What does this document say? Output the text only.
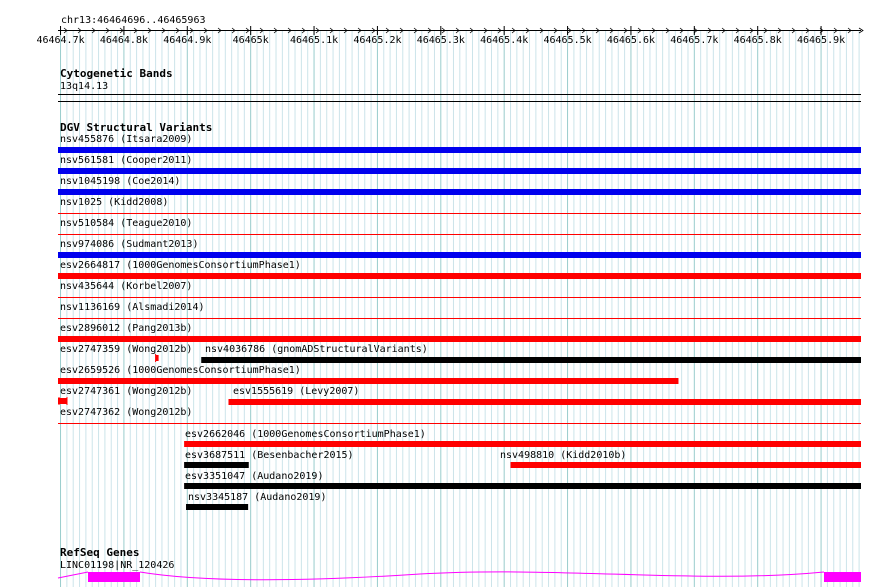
chr13:46464696..46465963
46464.7k 46464.8k 46464.9k 46465k 46465.1k 46465.2k 46465.3k 46465.4k 46465.5k 46465.6k 46465.7k 46465.8k 46465.9k
Cytogenetic Bands
13q14.13
DGV Structural Variants
nsv455876 (Itsara2009)
nsv561581 (Cooper2011)
nsv1045198 (Coe2014)
nsv1025 (Kidd2008)
nsv510584 (Teague2010)
nsv974086 (Sudmant2013)
esv2664817 (1000GenomesConsortiumPhase1)
nsv435644 (Korbel2007)
nsv1136169 (Alsmadi2014)
esv2896012 (Pang2013b)
esv2747359 (Wong2012b) nsv4036786 (gnomADStructuralVariants)
esv2659526 (1000GenomesConsortiumPhase1)
esv2747361 (Wong2012b)	esv1555619 (Levy2007)
esv2747362 (Wong2012b)
esv2662046 (1000GenomesConsortiumPhase1)
esv3687511 (Besenbacher2015)	nsv498810 (Kidd2010b)
esv3351047 (Audano2019)
nsv3345187 (Audano2019)
RefSeq Genes
LINC01198|NR_120426
